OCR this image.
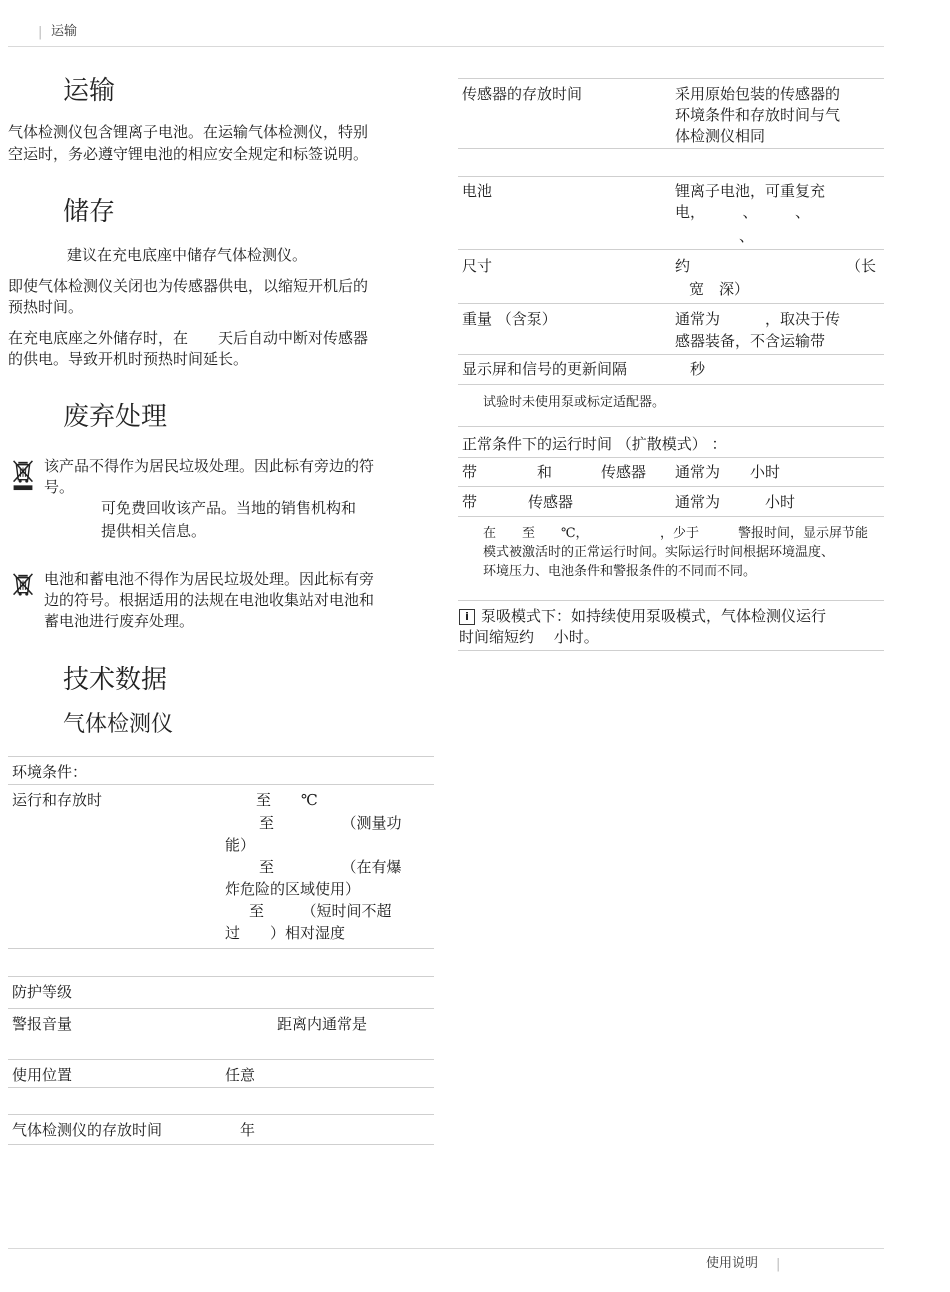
| 运输
运输

气体检测仪包含锂离子电池。在运输气体检测仪，特别

空运时，务必遵守锂电池的相应安全规定和标签说明。

储存

建议在充电底座中储存气体检测仪。

即使气体检测仪关闭也为传感器供电，以缩短开机后的

预热时间。

在充电底座之外储存时，在　　天后自动中断对传感器

的供电。导致开机时预热时间延长。

废弃处理

该产品不得作为居民垃圾处理。因此标有旁边的符

号。

可免费回收该产品。当地的销售机构和

提供相关信息。

电池和蓄电池不得作为居民垃圾处理。因此标有旁

边的符号。根据适用的法规在电池收集站对电池和

蓄电池进行废弃处理。

技术数据
气体检测仪

环境条件：

运行和存放时	至　　℃

至　　　　　（测量功

能）

至　　　　　（在有爆

炸危险的区域使用）

至　　　（短时间不超

过　　）相对湿度

防护等级

警报音量	距离内通常是

使用位置	任意

气体检测仪的存放时间	年

传感器的存放时间	采用原始包装的传感器的

环境条件和存放时间与气

体检测仪相同

电池	锂离子电池，可重复充

电，　　　、　　　、

、

尺寸	约	（长

宽　深）

重量 （含泵）	通常为　　　，取决于传

感器装备，不含运输带

显示屏和信号的更新间隔	秒

试验时未使用泵或标定适配器。

正常条件下的运行时间 （扩散模式） ：

带	和	传感器 通常为　　小时

带	传感器	通常为　　　小时

在　　至　　℃，　　　　　　，少于　　　警报时间，显示屏节能

模式被激活时的正常运行时间。实际运行时间根据环境温度、

环境压力、电池条件和警报条件的不同而不同。

i 泵吸模式下：如持续使用泵吸模式，气体检测仪运行

时间缩短约　 小时。

使用说明 |
